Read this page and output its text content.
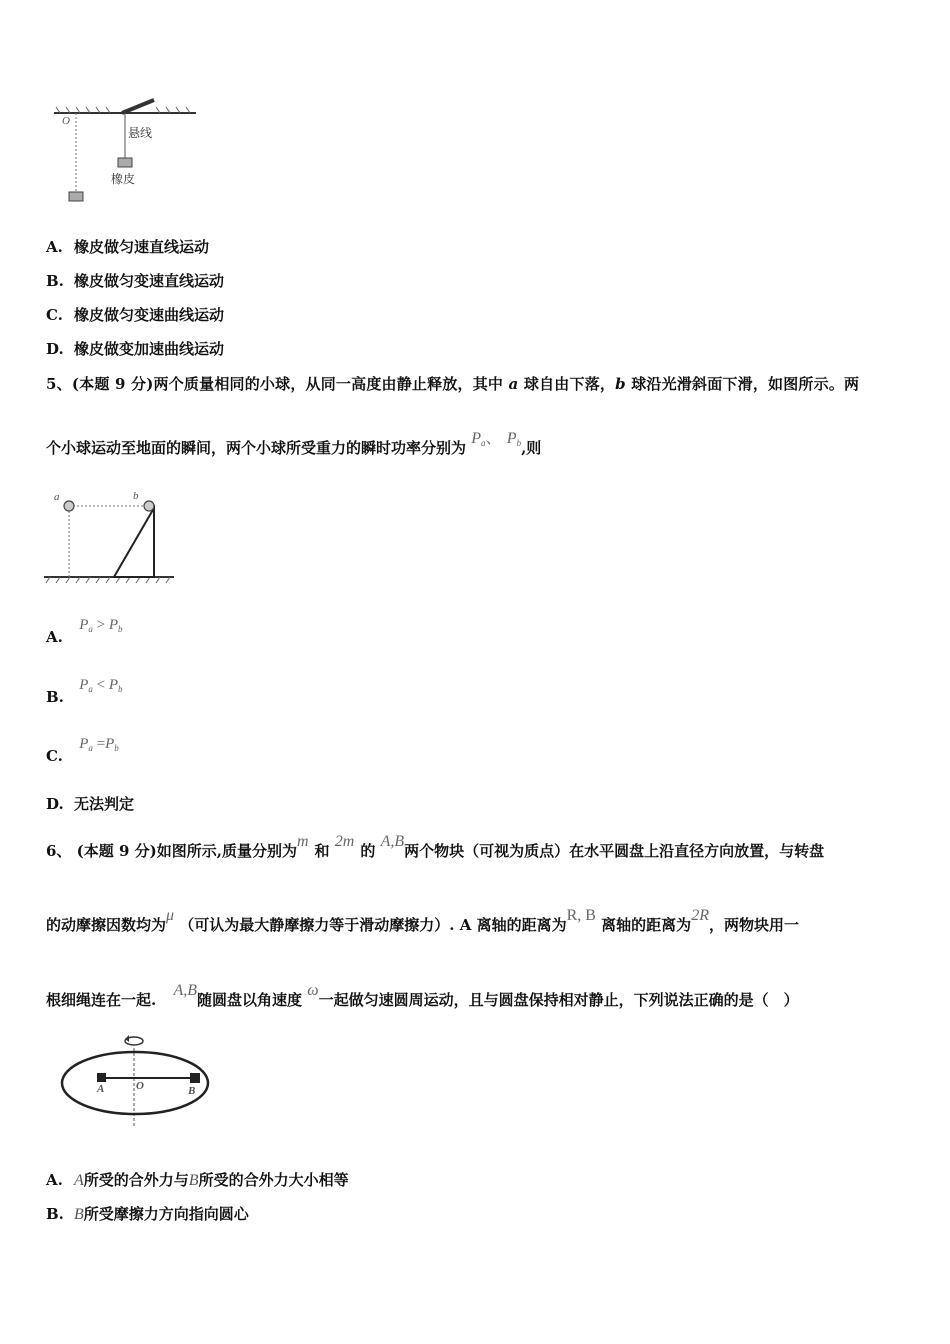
O
悬线
橡皮
A. 橡皮做匀速直线运动
B. 橡皮做匀变速直线运动
C. 橡皮做匀变速曲线运动
D. 橡皮做变加速曲线运动
5、(本题 9 分)两个质量相同的小球，从同一高度由静止释放，其中 a 球自由下落，b 球沿光滑斜面下滑，如图所示。两
个小球运动至地面的瞬间，两个小球所受重力的瞬时功率分别为 $P_a$、 $P_b$,则
a	b
A. $P_a > P_b$
B. $P_a < P_b$
C. $P_a =P_b$
D. 无法判定
6、 (本题 9 分)如图所示,质量分别为m和 2m的 A,B两个物块（可视为质点）在水平圆盘上沿直径方向放置，与转盘
的动摩擦因数均为μ （可认为最大静摩擦力等于滑动摩擦力）. A 离轴的距离为R, B 离轴的距离为2R，两物块用一
根细绳连在一起. A,B随圆盘以角速度 ω一起做匀速圆周运动，且与圆盘保持相对静止，下列说法正确的是（　）
A	O	B
A. A所受的合外力与B所受的合外力大小相等
B. B所受摩擦力方向指向圆心
